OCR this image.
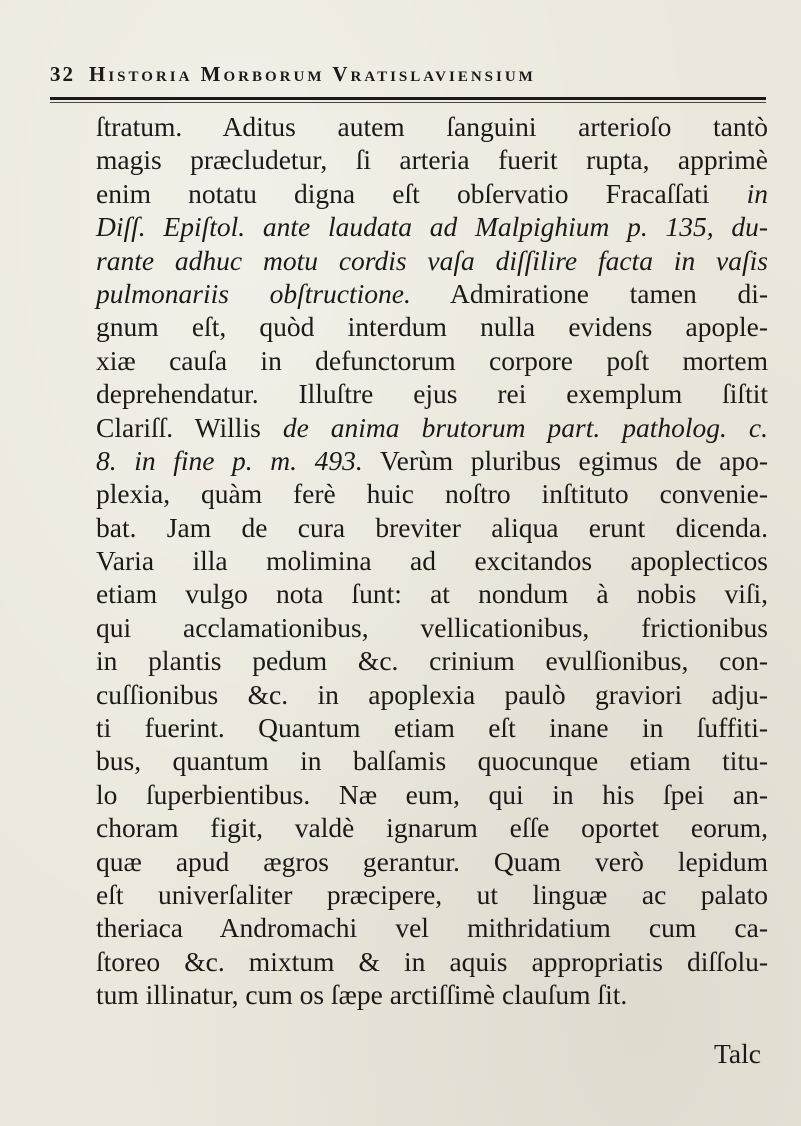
32 Historia Morborum Vratislaviensium
ſtratum. Aditus autem ſanguini arterioſo tantò
magis præcludetur, ſi arteria fuerit rupta, apprimè
enim notatu digna eſt obſervatio Fracaſſati in
Diſſ. Epiſtol. ante laudata ad Malpighium p. 135, du-
rante adhuc motu cordis vaſa diſſilire facta in vaſis
pulmonariis obſtructione. Admiratione tamen di-
gnum eſt, quòd interdum nulla evidens apople-
xiæ cauſa in defunctorum corpore poſt mortem
deprehendatur. Illuſtre ejus rei exemplum ſiſtit
Clariſſ. Willis de anima brutorum part. patholog. c.
8. in fine p. m. 493. Verùm pluribus egimus de apo-
plexia, quàm ferè huic noſtro inſtituto convenie-
bat. Jam de cura breviter aliqua erunt dicenda.
Varia illa molimina ad excitandos apoplecticos
etiam vulgo nota ſunt: at nondum à nobis viſi,
qui acclamationibus, vellicationibus, frictionibus
in plantis pedum &c. crinium evulſionibus, con-
cuſſionibus &c. in apoplexia paulò graviori adju-
ti fuerint. Quantum etiam eſt inane in ſuffiti-
bus, quantum in balſamis quocunque etiam titu-
lo ſuperbientibus. Næ eum, qui in his ſpei an-
choram figit, valdè ignarum eſſe oportet eorum,
quæ apud ægros gerantur. Quam verò lepidum
eſt univerſaliter præcipere, ut linguæ ac palato
theriaca Andromachi vel mithridatium cum ca-
ſtoreo &c. mixtum & in aquis appropriatis diſſolu-
tum illinatur, cum os ſæpe arctiſſimè clauſum ſit.
Talc
